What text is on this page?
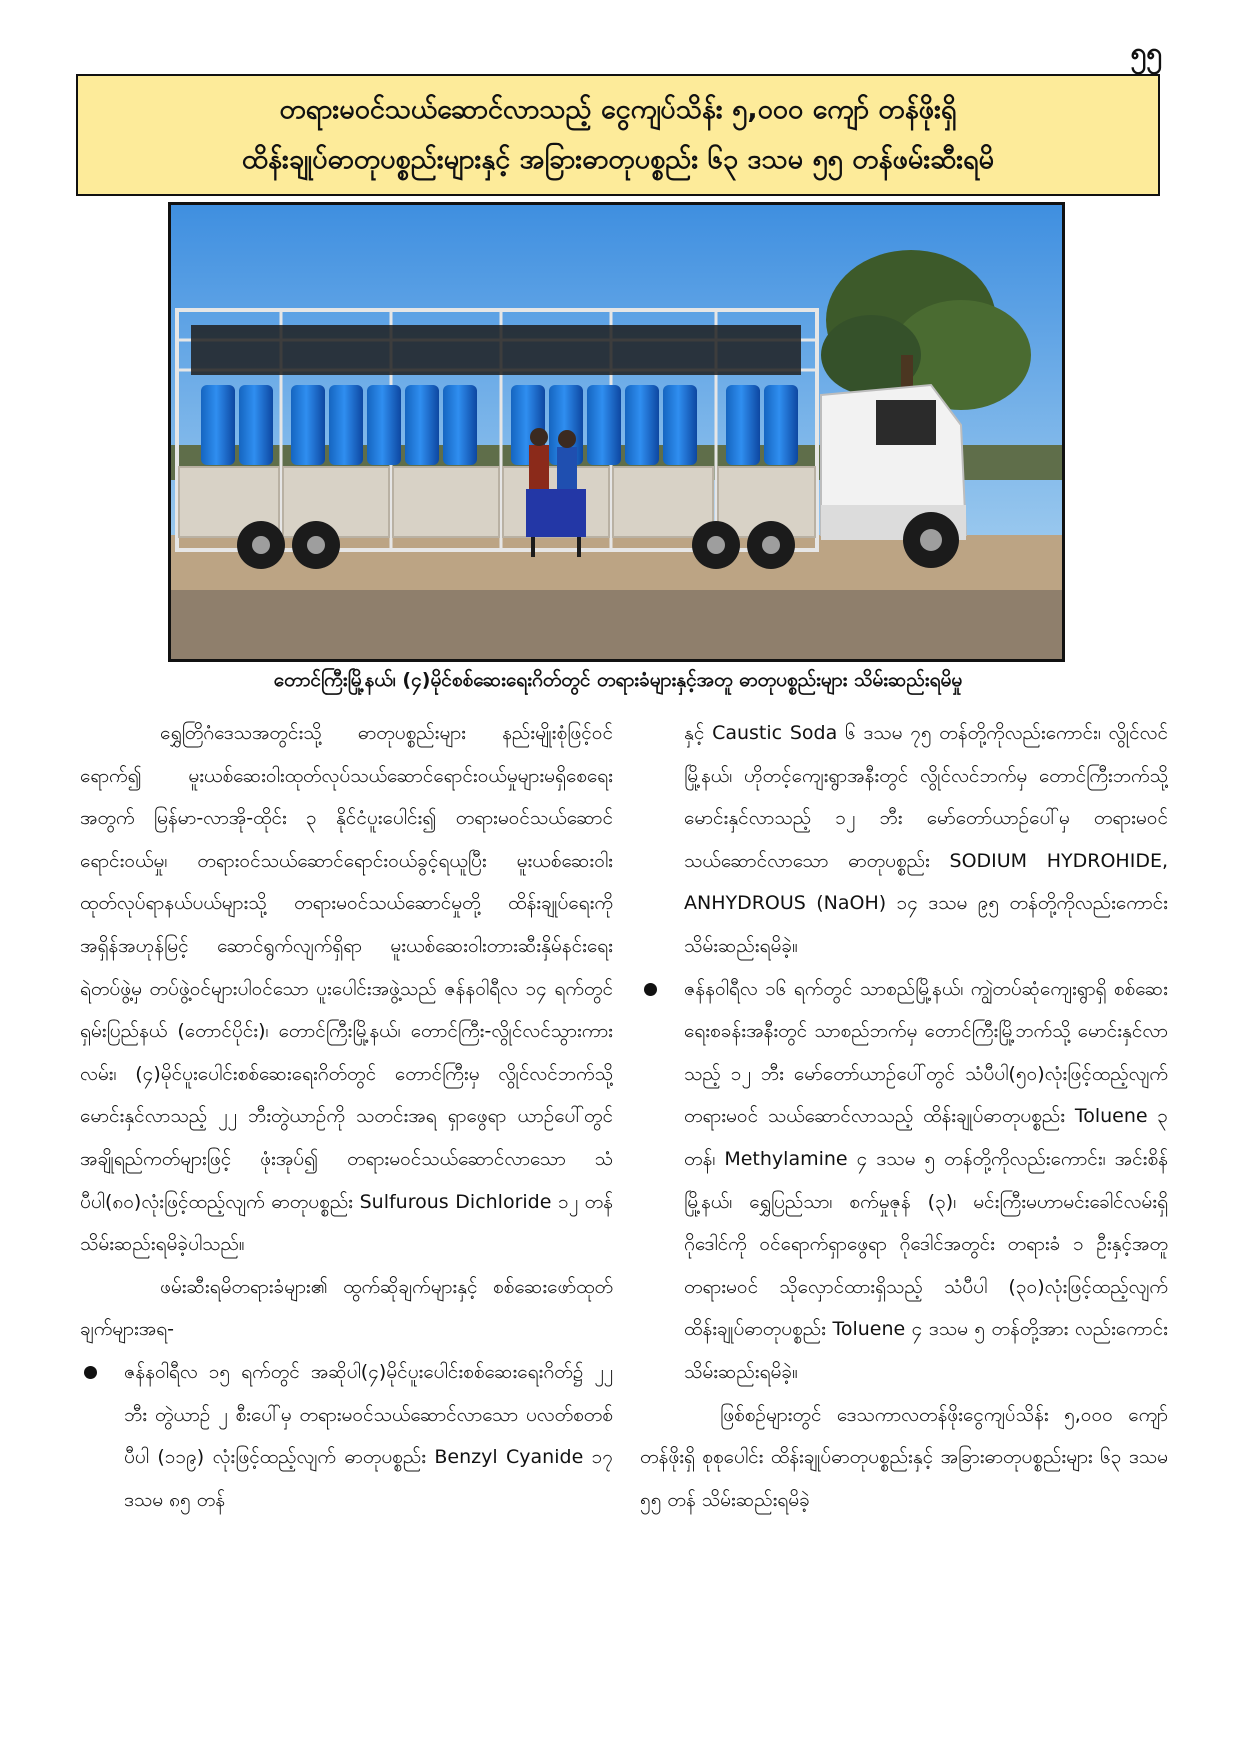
၅၅
တရားမဝင်သယ်ဆောင်လာသည့် ငွေကျပ်သိန်း ၅,၀၀၀ ကျော် တန်ဖိုးရှိ
ထိန်းချုပ်ဓာတုပစ္စည်းများနှင့် အခြားဓာတုပစ္စည်း ၆၃ ဒသမ ၅၅ တန်ဖမ်းဆီးရမိ
တောင်ကြီးမြို့နယ်၊ (၄)မိုင်စစ်ဆေးရေးဂိတ်တွင် တရားခံများနှင့်အတူ ဓာတုပစ္စည်းများ သိမ်းဆည်းရမိမှု

ရွှေတြိဂံဒေသအတွင်းသို့ ဓာတုပစ္စည်းများ နည်းမျိုးစုံဖြင့်ဝင်ရောက်၍ မူးယစ်ဆေးဝါးထုတ်လုပ်သယ်ဆောင်ရောင်းဝယ်မှုများမရှိစေရေးအတွက် မြန်မာ-လာအို-ထိုင်း ၃ နိုင်ငံပူးပေါင်း၍ တရားမဝင်သယ်ဆောင်ရောင်းဝယ်မှု၊ တရားဝင်သယ်ဆောင်ရောင်းဝယ်ခွင့်ရယူပြီး မူးယစ်ဆေးဝါးထုတ်လုပ်ရာနယ်ပယ်များသို့ တရားမဝင်သယ်ဆောင်မှုတို့ ထိန်းချုပ်ရေးကို အရှိန်အဟုန်မြင့် ဆောင်ရွက်လျက်ရှိရာ မူးယစ်ဆေးဝါးတားဆီးနှိမ်နင်းရေးရဲတပ်ဖွဲ့မှ တပ်ဖွဲ့ဝင်များပါဝင်သော ပူးပေါင်းအဖွဲ့သည် ဇန်နဝါရီလ ၁၄ ရက်တွင် ရှမ်းပြည်နယ် (တောင်ပိုင်း)၊ တောင်ကြီးမြို့နယ်၊ တောင်ကြီး-လွိုင်လင်သွားကားလမ်း၊ (၄)မိုင်ပူးပေါင်းစစ်ဆေးရေးဂိတ်တွင် တောင်ကြီးမှ လွိုင်လင်ဘက်သို့ မောင်းနှင်လာသည့် ၂၂ ဘီးတွဲယာဉ်ကို သတင်းအရ ရှာဖွေရာ ယာဉ်ပေါ်တွင် အချိုရည်ကတ်များဖြင့် ဖုံးအုပ်၍ တရားမဝင်သယ်ဆောင်လာသော သံပီပါ(၈၀)လုံးဖြင့်ထည့်လျက် ဓာတုပစ္စည်း Sulfurous Dichloride ၁၂ တန် သိမ်းဆည်းရမိခဲ့ပါသည်။

ဖမ်းဆီးရမိတရားခံများ၏ ထွက်ဆိုချက်များနှင့် စစ်ဆေးဖော်ထုတ်ချက်များအရ-

ဇန်နဝါရီလ ၁၅ ရက်တွင် အဆိုပါ(၄)မိုင်ပူးပေါင်းစစ်ဆေးရေးဂိတ်၌ ၂၂ ဘီး တွဲယာဉ် ၂ စီးပေါ်မှ တရားမဝင်သယ်ဆောင်လာသော ပလတ်စတစ်ပီပါ (၁၁၉) လုံးဖြင့်ထည့်လျက် ဓာတုပစ္စည်း Benzyl Cyanide ၁၇ ဒသမ ၈၅ တန်
နှင့် Caustic Soda ၆ ဒသမ ၇၅ တန်တို့ကိုလည်းကောင်း၊ လွိုင်လင်မြို့နယ်၊ ဟိုတင့်ကျေးရွာအနီးတွင် လွိုင်လင်ဘက်မှ တောင်ကြီးဘက်သို့ မောင်းနှင်လာသည့် ၁၂ ဘီး မော်တော်ယာဉ်ပေါ်မှ တရားမဝင်သယ်ဆောင်လာသော ဓာတုပစ္စည်း SODIUM HYDROHIDE, ANHYDROUS (NaOH) ၁၄ ဒသမ ၉၅ တန်တို့ကိုလည်းကောင်း သိမ်းဆည်းရမိခဲ့။
ဇန်နဝါရီလ ၁၆ ရက်တွင် သာစည်မြို့နယ်၊ ကျွဲတပ်ဆုံကျေးရွာရှိ စစ်ဆေးရေးစခန်းအနီးတွင် သာစည်ဘက်မှ တောင်ကြီးမြို့ဘက်သို့ မောင်းနှင်လာသည့် ၁၂ ဘီး မော်တော်ယာဉ်ပေါ်တွင် သံပီပါ(၅၀)လုံးဖြင့်ထည့်လျက် တရားမဝင် သယ်ဆောင်လာသည့် ထိန်းချုပ်ဓာတုပစ္စည်း Toluene ၃ တန်၊ Methylamine ၄ ဒသမ ၅ တန်တို့ကိုလည်းကောင်း၊ အင်းစိန်မြို့နယ်၊ ရွှေပြည်သာ၊ စက်မှုဇုန် (၃)၊ မင်းကြီးမဟာမင်းခေါင်လမ်းရှိ ဂိုဒေါင်ကို ဝင်ရောက်ရှာဖွေရာ ဂိုဒေါင်အတွင်း တရားခံ ၁ ဦးနှင့်အတူ တရားမဝင် သိုလှောင်ထားရှိသည့် သံပီပါ (၃၀)လုံးဖြင့်ထည့်လျက် ထိန်းချုပ်ဓာတုပစ္စည်း Toluene ၄ ဒသမ ၅ တန်တို့အား လည်းကောင်း သိမ်းဆည်းရမိခဲ့။

ဖြစ်စဉ်များတွင် ဒေသကာလတန်ဖိုးငွေကျပ်သိန်း ၅,၀၀၀ ကျော်တန်ဖိုးရှိ စုစုပေါင်း ထိန်းချုပ်ဓာတုပစ္စည်းနှင့် အခြားဓာတုပစ္စည်းများ ၆၃ ဒသမ ၅၅ တန် သိမ်းဆည်းရမိခဲ့
